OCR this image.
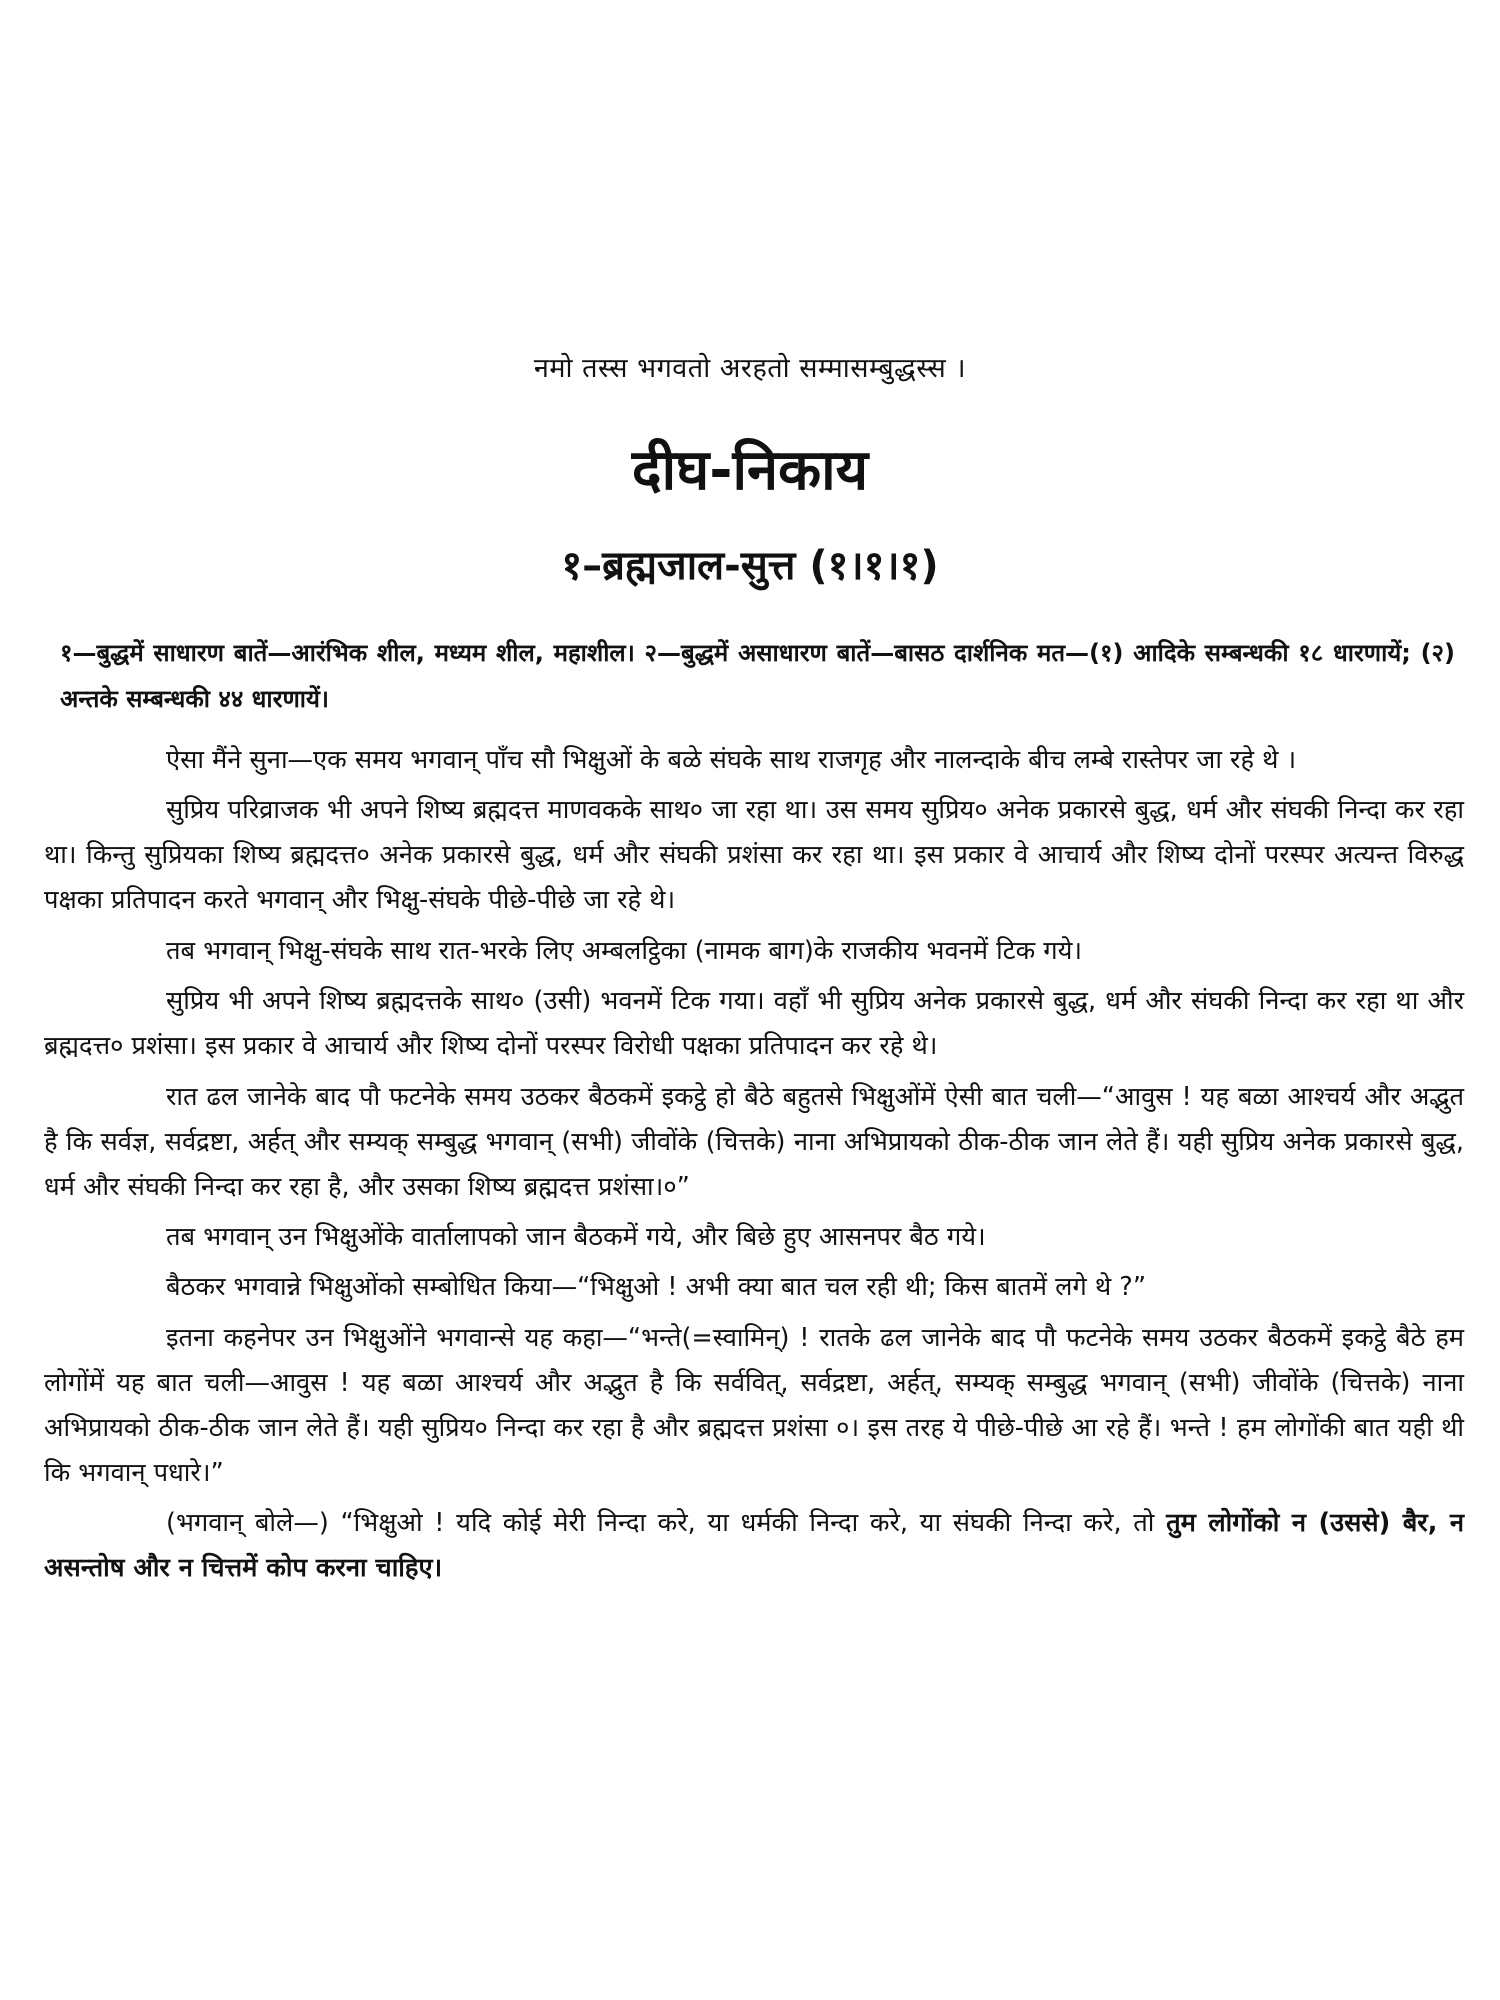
नमो तस्स भगवतो अरहतो सम्मासम्बुद्धस्स ।
दीघ-निकाय
१–ब्रह्मजाल-सुत्त (१।१।१)
१—बुद्धमें साधारण बातें—आरंभिक शील, मध्यम शील, महाशील। २—बुद्धमें असाधारण बातें—बासठ दार्शनिक मत—(१) आदिके सम्बन्धकी १८ धारणायें; (२) अन्तके सम्बन्धकी ४४ धारणायें।

ऐसा मैंने सुना—एक समय भगवान् पाँच सौ भिक्षुओं के बळे संघके साथ राजगृह और नालन्दाके बीच लम्बे रास्तेपर जा रहे थे ।

सुप्रिय परिव्राजक भी अपने शिष्य ब्रह्मदत्त माणवकके साथ० जा रहा था। उस समय सुप्रिय० अनेक प्रकारसे बुद्ध, धर्म और संघकी निन्दा कर रहा था। किन्तु सुप्रियका शिष्य ब्रह्मदत्त० अनेक प्रकारसे बुद्ध, धर्म और संघकी प्रशंसा कर रहा था। इस प्रकार वे आचार्य और शिष्य दोनों परस्पर अत्यन्त विरुद्ध पक्षका प्रतिपादन करते भगवान् और भिक्षु-संघके पीछे-पीछे जा रहे थे।

तब भगवान् भिक्षु-संघके साथ रात-भरके लिए अम्बलट्ठिका (नामक बाग)के राजकीय भवनमें टिक गये।

सुप्रिय भी अपने शिष्य ब्रह्मदत्तके साथ० (उसी) भवनमें टिक गया। वहाँ भी सुप्रिय अनेक प्रकारसे बुद्ध, धर्म और संघकी निन्दा कर रहा था और ब्रह्मदत्त० प्रशंसा। इस प्रकार वे आचार्य और शिष्य दोनों परस्पर विरोधी पक्षका प्रतिपादन कर रहे थे।

रात ढल जानेके बाद पौ फटनेके समय उठकर बैठकमें इकट्ठे हो बैठे बहुतसे भिक्षुओंमें ऐसी बात चली—“आवुस ! यह बळा आश्चर्य और अद्भुत है कि सर्वज्ञ, सर्वद्रष्टा, अर्हत् और सम्यक् सम्बुद्ध भगवान् (सभी) जीवोंके (चित्तके) नाना अभिप्रायको ठीक-ठीक जान लेते हैं। यही सुप्रिय अनेक प्रकारसे बुद्ध, धर्म और संघकी निन्दा कर रहा है, और उसका शिष्य ब्रह्मदत्त प्रशंसा।०”

तब भगवान् उन भिक्षुओंके वार्तालापको जान बैठकमें गये, और बिछे हुए आसनपर बैठ गये।

बैठकर भगवान्ने भिक्षुओंको सम्बोधित किया—“भिक्षुओ ! अभी क्या बात चल रही थी; किस बातमें लगे थे ?”

इतना कहनेपर उन भिक्षुओंने भगवान्से यह कहा—“भन्ते(=स्वामिन्) ! रातके ढल जानेके बाद पौ फटनेके समय उठकर बैठकमें इकट्ठे बैठे हम लोगोंमें यह बात चली—आवुस ! यह बळा आश्चर्य और अद्भुत है कि सर्ववित्, सर्वद्रष्टा, अर्हत्, सम्यक् सम्बुद्ध भगवान् (सभी) जीवोंके (चित्तके) नाना अभिप्रायको ठीक-ठीक जान लेते हैं। यही सुप्रिय० निन्दा कर रहा है और ब्रह्मदत्त प्रशंसा ०। इस तरह ये पीछे-पीछे आ रहे हैं। भन्ते ! हम लोगोंकी बात यही थी कि भगवान् पधारे।”

(भगवान् बोले—) “भिक्षुओ ! यदि कोई मेरी निन्दा करे, या धर्मकी निन्दा करे, या संघकी निन्दा करे, तो तुम लोगोंको न (उससे) बैर, न असन्तोष और न चित्तमें कोप करना चाहिए।
